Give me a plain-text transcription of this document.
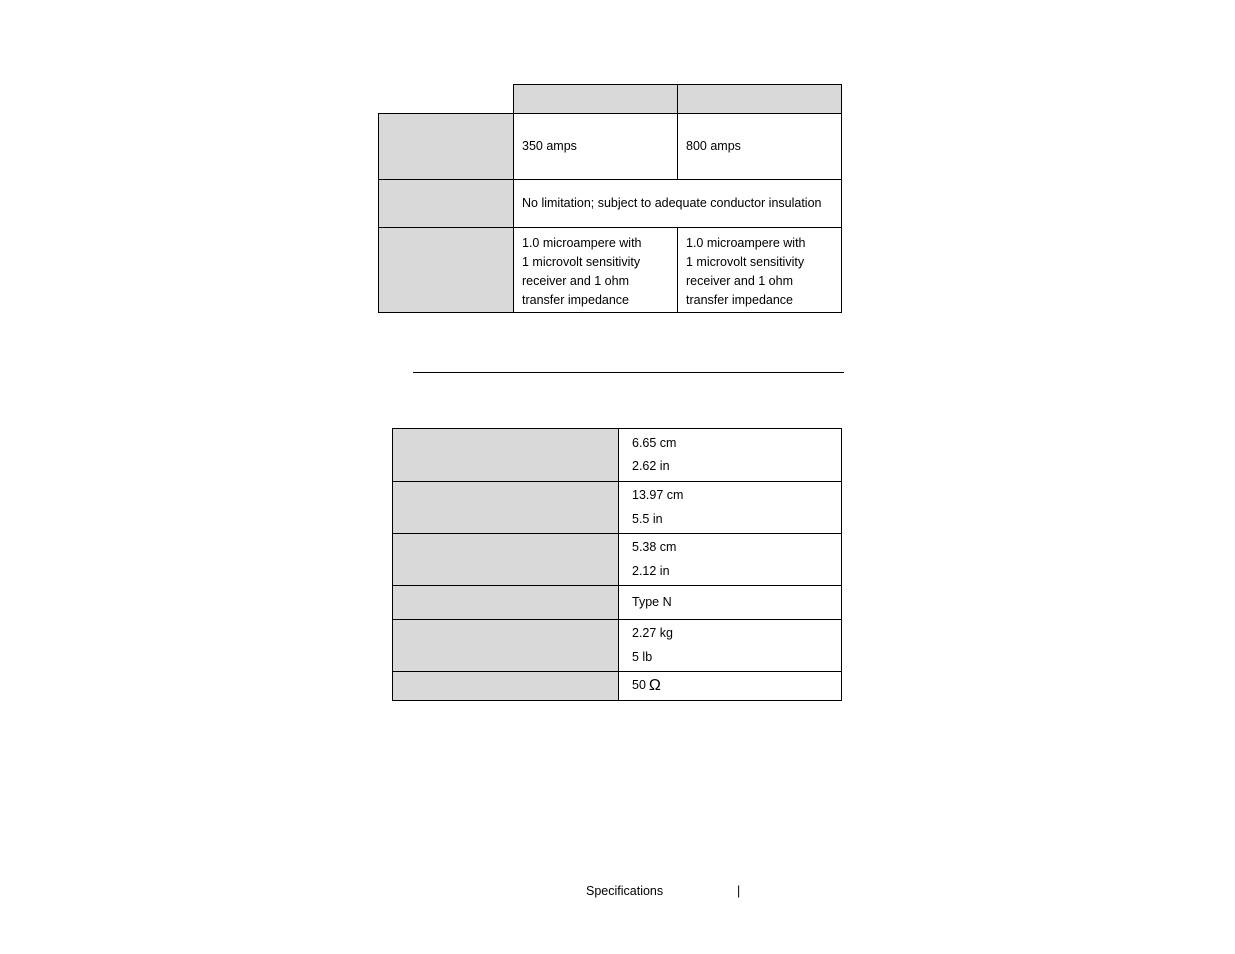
350 amps	800 amps
No limitation; subject to adequate conductor insulation
1.0 microampere with
1 microvolt sensitivity
receiver and 1 ohm
transfer impedance
1.0 microampere with
1 microvolt sensitivity
receiver and 1 ohm
transfer impedance
6.65 cm
2.62 in
13.97 cm
5.5 in
5.38 cm
2.12 in
Type N
2.27 kg
5 lb
50 Ω
Specifications	|
